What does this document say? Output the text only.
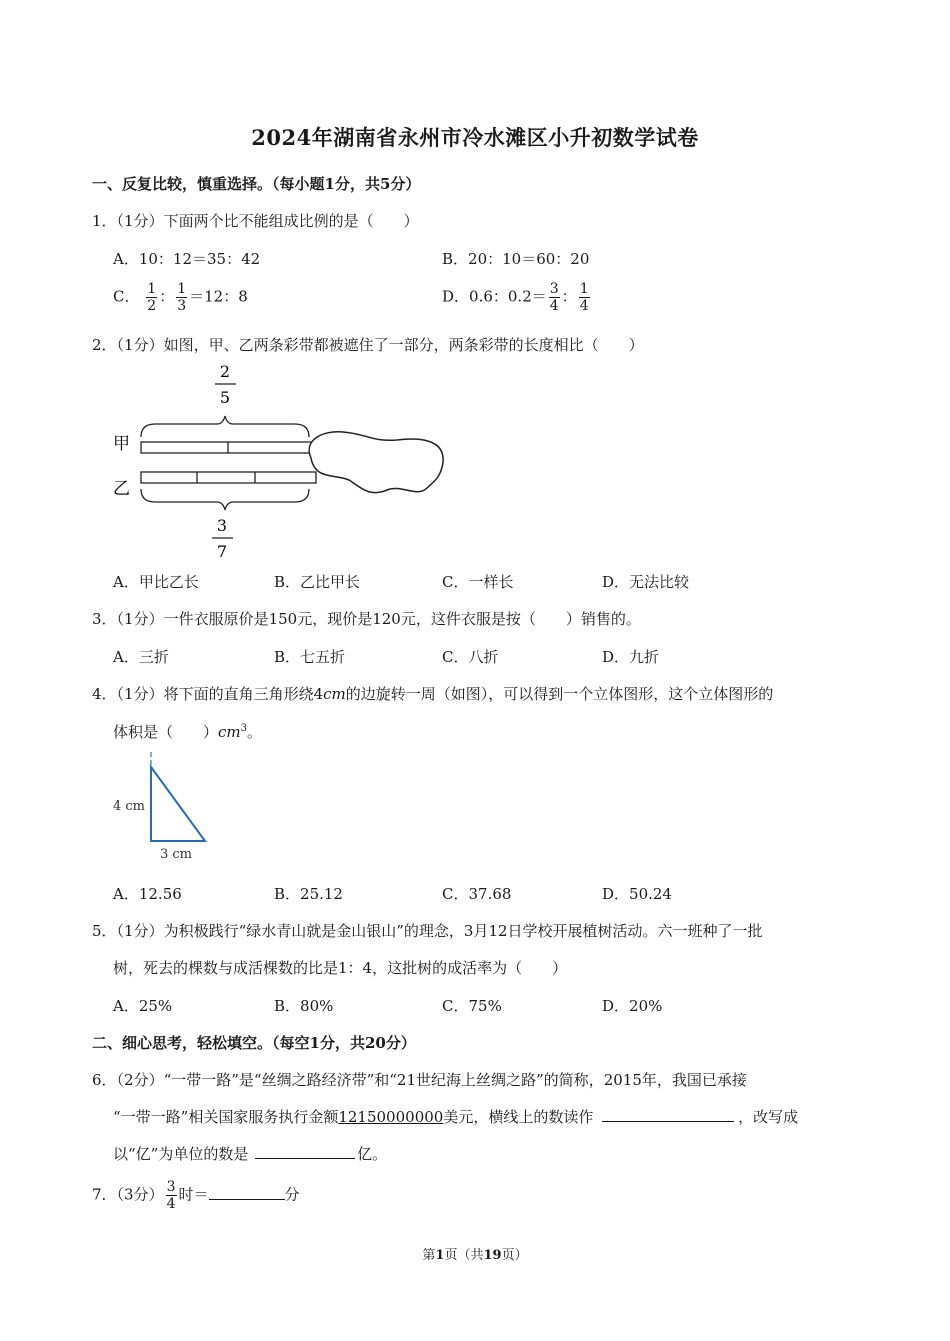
2024年湖南省永州市冷水滩区小升初数学试卷
一、反复比较，慎重选择。（每小题1分，共5分）
1．（1分）下面两个比不能组成比例的是（　　）
A．10：12＝35：42	B．20：10＝60：20
C． $\frac{1}{2}$ ： $\frac{1}{3} =12$：8	D．0.6：$0.2= \frac{3}{4}$ ： $\frac{1}{4}$
2．（1分）如图，甲、乙两条彩带都被遮住了一部分，两条彩带的长度相比（　　）
2
5
甲
乙
3
7
A．甲比乙长	B．乙比甲长	C．一样长	D．无法比较
3．（1分）一件衣服原价是150元，现价是120元，这件衣服是按（　　）销售的。
A．三折	B．七五折	C．八折	D．九折
4．（1分）将下面的直角三角形绕4cm的边旋转一周（如图），可以得到一个立体图形，这个立体图形的
体积是（　　）$cm^3$。
4 cm
3 cm
A．12.56	B．25.12	C．37.68	D．50.24
5．（1分）为积极践行“绿水青山就是金山银山”的理念，3月12日学校开展植树活动。六一班种了一批
树，死去的棵数与成活棵数的比是1：4，这批树的成活率为（　　）
A．25%	B．80%	C．75%	D．20%
二、细心思考，轻松填空。（每空1分，共20分）
6．（2分）“一带一路”是“丝绸之路经济带”和“21世纪海上丝绸之路”的简称，2015年，我国已承接
“一带一路”相关国家服务执行金额12150000000美元，横线上的数读作	，改写成
以“亿”为单位的数是	亿。
7．（3分） $\frac{3}{4}$ 时＝	分
第1页（共19页）
